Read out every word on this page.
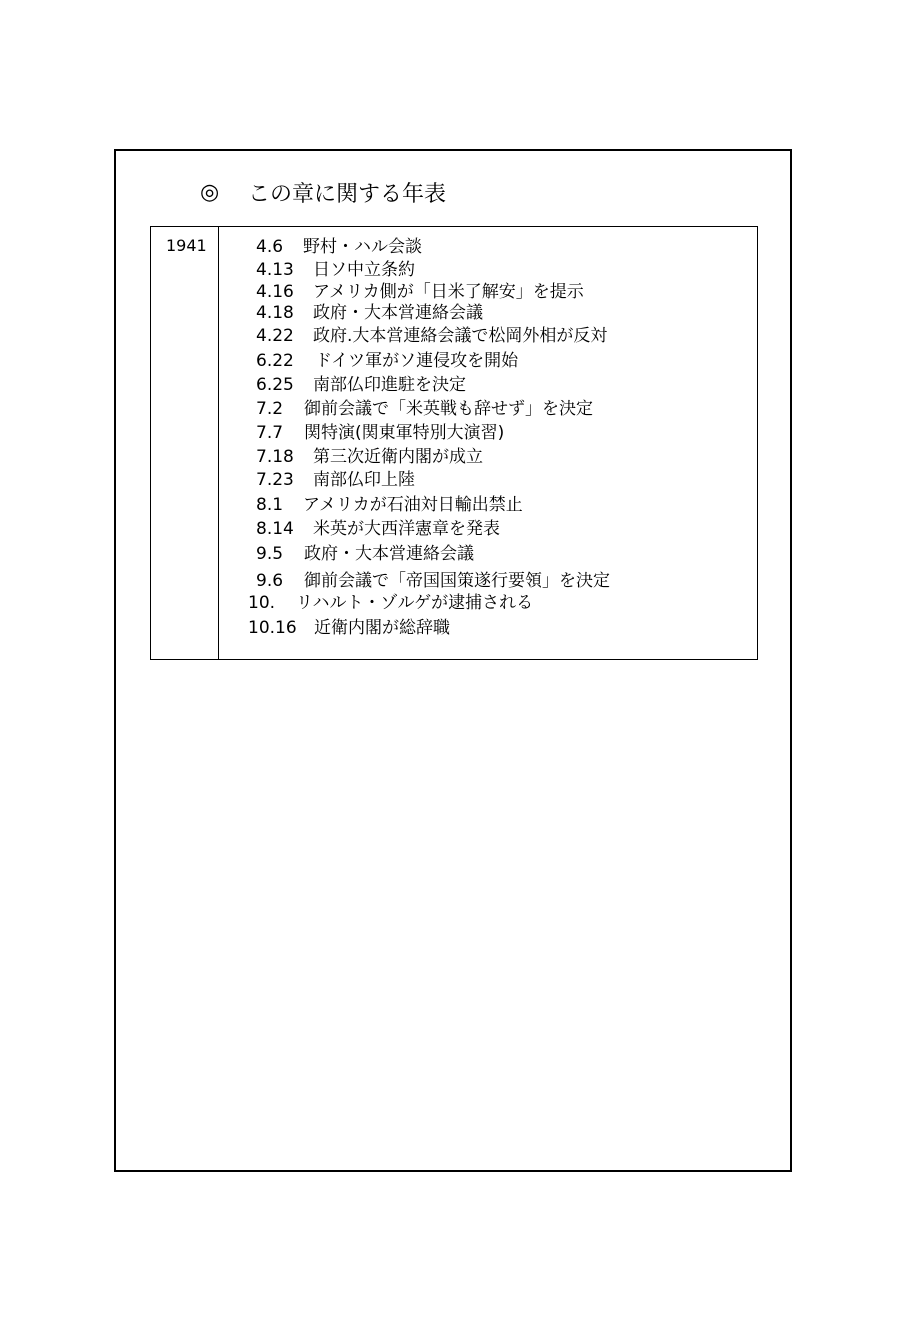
◎	この章に関する年表
1941	4.6	野村・ハル会談
4.13	日ソ中立条約
4.16	アメリカ側が「日米了解安」を提示
4.18	政府・大本営連絡会議
4.22	政府.大本営連絡会議で松岡外相が反対
6.22	ドイツ軍がソ連侵攻を開始
6.25	南部仏印進駐を決定
7.2	御前会議で「米英戦も辞せず」を決定
7.7	関特演(関東軍特別大演習)
7.18	第三次近衛内閣が成立
7.23	南部仏印上陸
8.1	アメリカが石油対日輸出禁止
8.14	米英が大西洋憲章を発表
9.5	政府・大本営連絡会議
9.6	御前会議で「帝国国策遂行要領」を決定
10.	リハルト・ゾルゲが逮捕される
10.16	近衛内閣が総辞職
